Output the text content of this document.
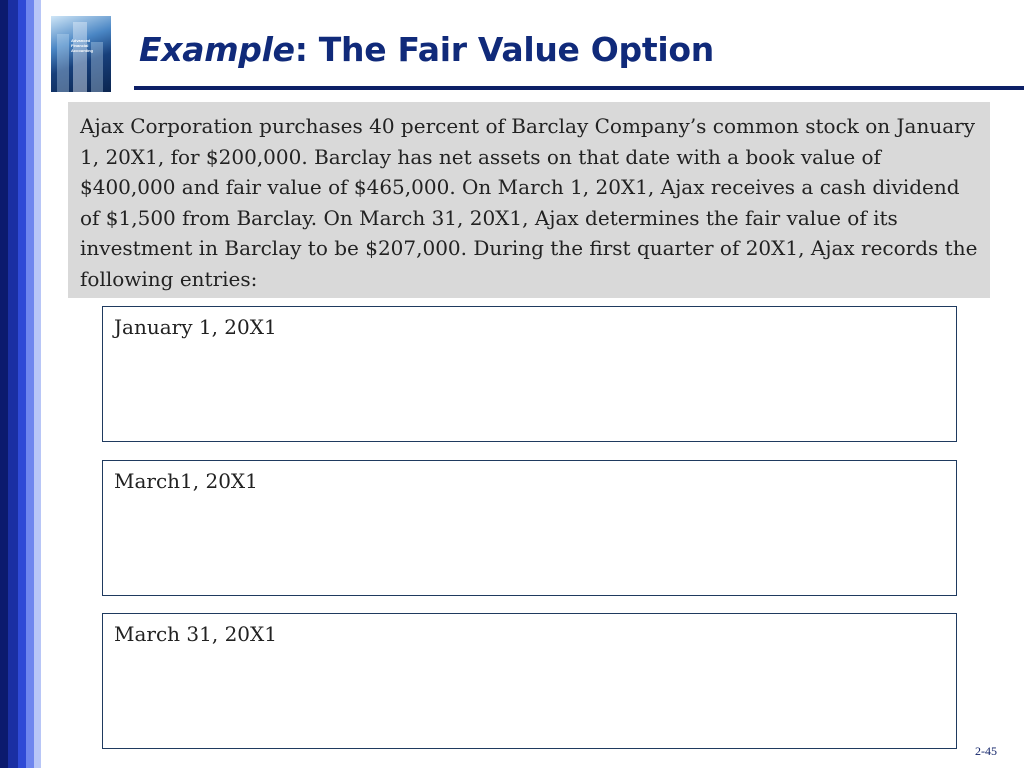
Advanced
Financial
Accounting	Example: The Fair Value Option
Ajax Corporation purchases 40 percent of Barclay Company’s common stock on January 1, 20X1, for $200,000. Barclay has net assets on that date with a book value of $400,000 and fair value of $465,000. On March 1, 20X1, Ajax receives a cash dividend of $1,500 from Barclay. On March 31, 20X1, Ajax determines the fair value of its investment in Barclay to be $207,000. During the first quarter of 20X1, Ajax records the following entries:
January 1, 20X1
March1, 20X1
March 31, 20X1
2-45
